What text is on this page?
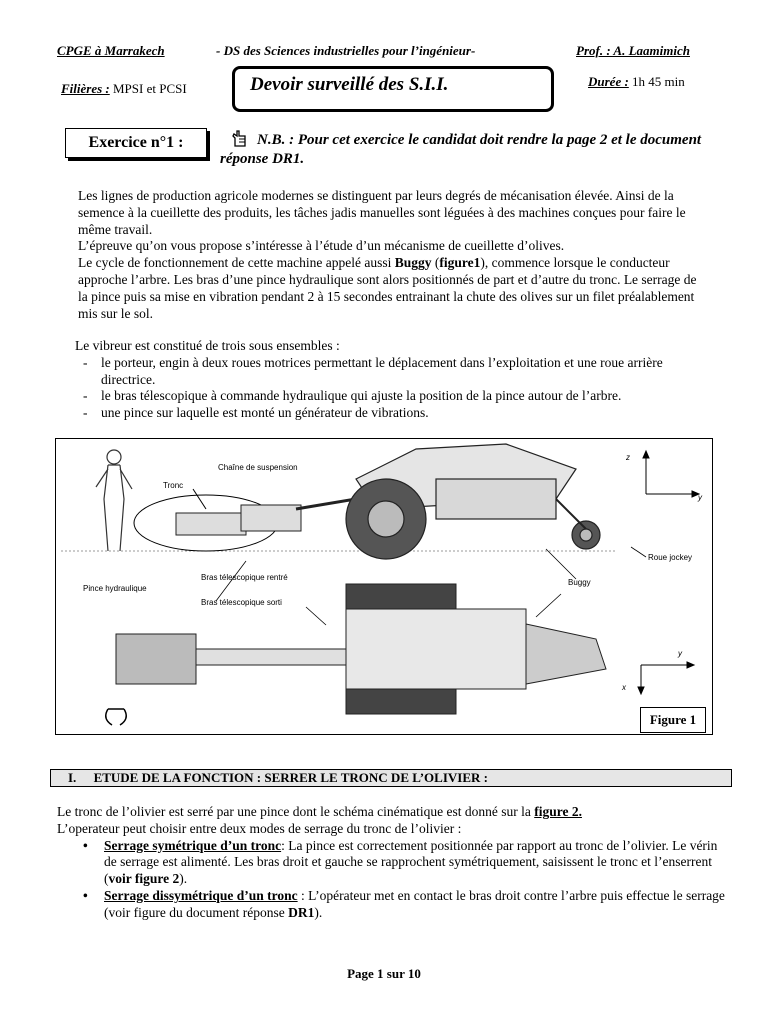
CPGE à Marrakech	- DS des Sciences industrielles pour l’ingénieur-	Prof. : A. Laamimich
Filières : MPSI et PCSI	Devoir surveillé des S.I.I.	Durée : 1h 45 min
Exercice n°1 :	N.B. : Pour cet exercice le candidat doit rendre la page 2 et le document réponse DR1.

Les lignes de production agricole modernes se distinguent par leurs degrés de mécanisation élevée. Ainsi de la semence à la cueillette des produits, les tâches jadis manuelles sont léguées à des machines conçues pour faire le même travail.

L’épreuve qu’on vous propose s’intéresse à l’étude d’un mécanisme de cueillette d’olives.

Le cycle de fonctionnement de cette machine appelé aussi Buggy (figure1), commence lorsque le conducteur approche l’arbre. Les bras d’une pince hydraulique sont alors positionnés de part et d’autre du tronc. Le serrage de la pince puis sa mise en vibration pendant 2 à 15 secondes entrainant la chute des olives sur un filet préalablement mis sur le sol.

Le vibreur est constitué de trois sous ensembles :

- le porteur, engin à deux roues motrices permettant le déplacement dans l’exploitation et une roue arrière directrice.
- le bras télescopique à commande hydraulique qui ajuste la position de la pince autour de l’arbre.
- une pince sur laquelle est monté un générateur de vibrations.
Chaîne de suspension
Tronc
Pince hydraulique
Bras télescopique rentré
Bras télescopique sorti
Buggy
Roue jockey
z
y
y
x
Figure 1
I. ETUDE DE LA FONCTION : SERRER LE TRONC DE L’OLIVIER :

Le tronc de l’olivier est serré par une pince dont le schéma cinématique est donné sur la figure 2.

L’operateur peut choisir entre deux modes de serrage du tronc de l’olivier :

• Serrage symétrique d’un tronc: La pince est correctement positionnée par rapport au tronc de l’olivier. Le vérin de serrage est alimenté. Les bras droit et gauche se rapprochent symétriquement, saisissent le tronc et l’enserrent (voir figure 2).
• Serrage dissymétrique d’un tronc : L’opérateur met en contact le bras droit contre l’arbre puis effectue le serrage (voir figure du document réponse DR1).
Page 1 sur 10
